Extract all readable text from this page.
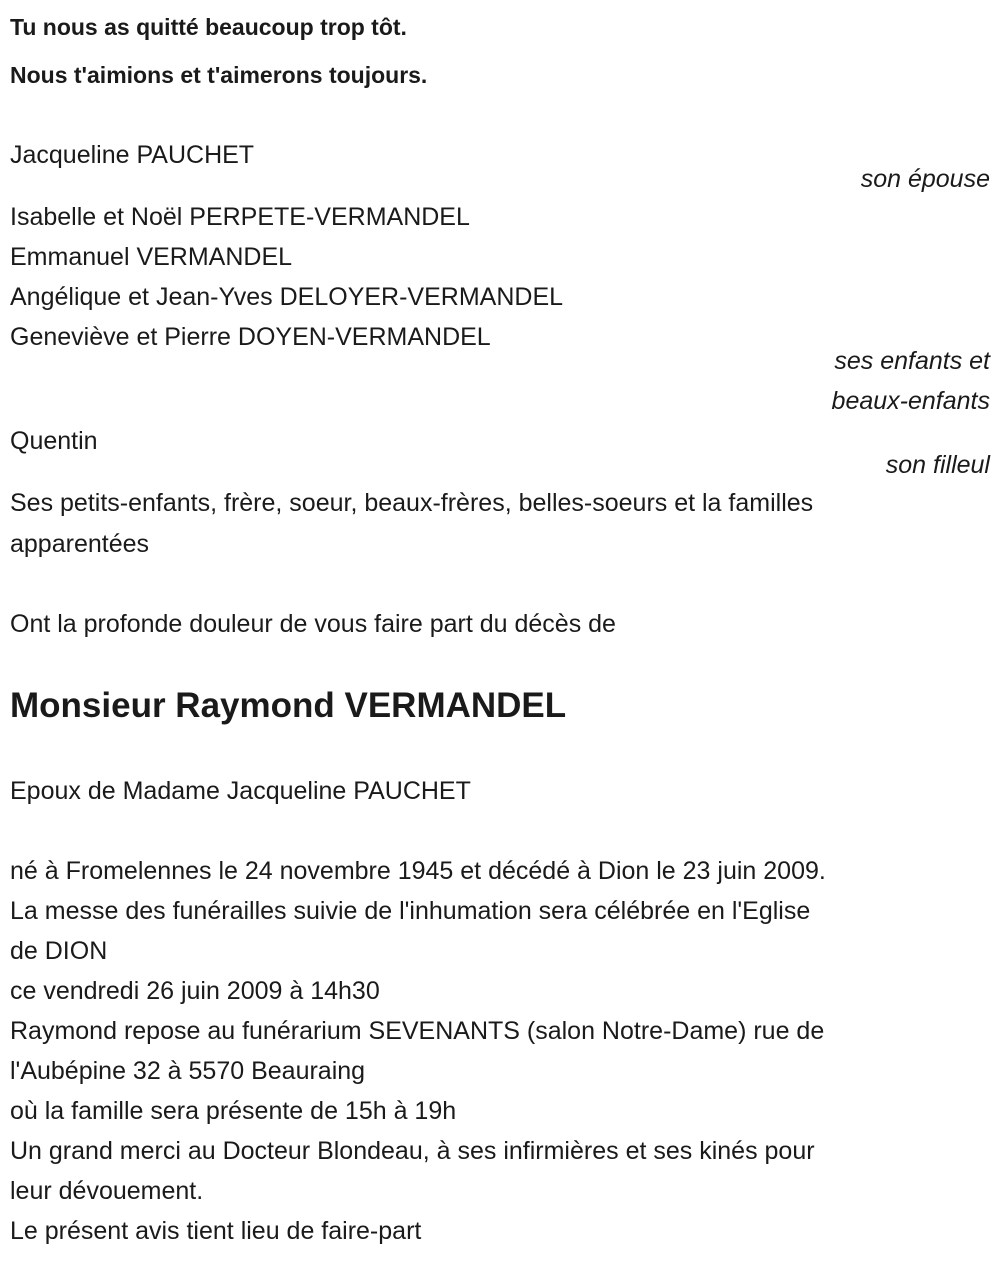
Tu nous as quitté beaucoup trop tôt.
Nous t'aimions et t'aimerons toujours.
Jacqueline PAUCHET
son épouse
Isabelle et Noël PERPETE-VERMANDEL
Emmanuel VERMANDEL
Angélique et Jean-Yves DELOYER-VERMANDEL
Geneviève et Pierre DOYEN-VERMANDEL
ses enfants et
beaux-enfants
Quentin
son filleul
Ses petits-enfants, frère, soeur, beaux-frères, belles-soeurs et la familles
apparentées
Ont la profonde douleur de vous faire part du décès de
Monsieur Raymond VERMANDEL
Epoux de Madame Jacqueline PAUCHET
né à Fromelennes le 24 novembre 1945 et décédé à Dion le 23 juin 2009.
La messe des funérailles suivie de l'inhumation sera célébrée en l'Eglise
de DION
ce vendredi 26 juin 2009 à 14h30
Raymond repose au funérarium SEVENANTS (salon Notre-Dame) rue de
l'Aubépine 32 à 5570 Beauraing
où la famille sera présente de 15h à 19h
Un grand merci au Docteur Blondeau, à ses infirmières et ses kinés pour
leur dévouement.
Le présent avis tient lieu de faire-part
